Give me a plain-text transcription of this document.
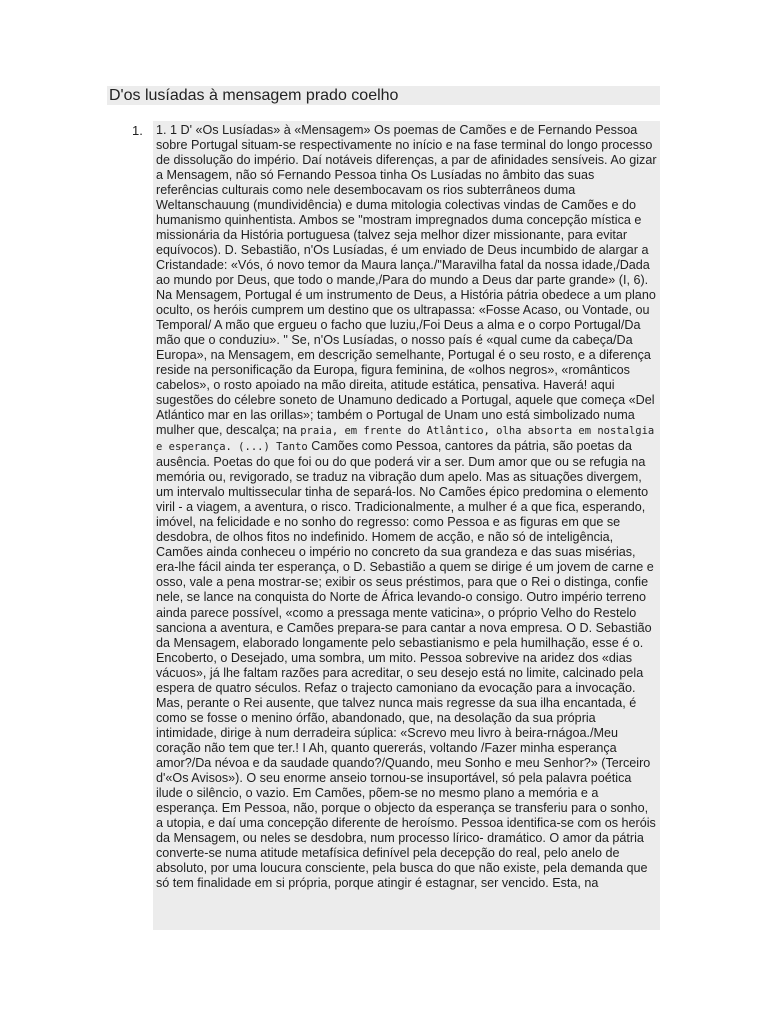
D'os lusíadas à mensagem prado coelho
1. 1. 1 D' «Os Lusíadas» à «Mensagem» Os poemas de Camões e de Fernando Pessoa sobre Portugal situam-se respectivamente no início e na fase terminal do longo processo de dissolução do império. Daí notáveis diferenças, a par de afinidades sensíveis. Ao gizar a Mensagem, não só Fernando Pessoa tinha Os Lusíadas no âmbito das suas referências culturais como nele desembocavam os rios subterrâneos duma Weltanschauung (mundividência) e duma mitologia colectivas vindas de Camões e do humanismo quinhentista. Ambos se "mostram impregnados duma concepção mística e missionária da História portuguesa (talvez seja melhor dizer missionante, para evitar equívocos). D. Sebastião, n'Os Lusíadas, é um enviado de Deus incumbido de alargar a Cristandade: «Vós, ó novo temor da Maura lança./"Maravilha fatal da nossa idade,/Dada ao mundo por Deus, que todo o mande,/Para do mundo a Deus dar parte grande» (I, 6). Na Mensagem, Portugal é um instrumento de Deus, a História pátria obedece a um plano oculto, os heróis cumprem um destino que os ultrapassa: «Fosse Acaso, ou Vontade, ou Temporal/ A mão que ergueu o facho que luziu,/Foi Deus a alma e o corpo Portugal/Da mão que o conduziu». " Se, n'Os Lusíadas, o nosso país é «qual cume da cabeça/Da Europa», na Mensagem, em descrição semelhante, Portugal é o seu rosto, e a diferença reside na personificação da Europa, figura feminina, de «olhos negros», «românticos cabelos», o rosto apoiado na mão direita, atitude estática, pensativa. Haverá! aqui sugestões do célebre soneto de Unamuno dedicado a Portugal, aquele que começa «Del Atlántico mar en las orillas»; também o Portugal de Unam uno está simbolizado numa mulher que, descalça; na praia, em frente do Atlântico, olha absorta em nostalgia e esperança. (...) Tanto Camões como Pessoa, cantores da pátria, são poetas da ausência. Poetas do que foi ou do que poderá vir a ser. Dum amor que ou se refugia na memória ou, revigorado, se traduz na vibração dum apelo. Mas as situações divergem, um intervalo multissecular tinha de separá-los. No Camões épico predomina o elemento viril - a viagem, a aventura, o risco. Tradicionalmente, a mulher é a que fica, esperando, imóvel, na felicidade e no sonho do regresso: como Pessoa e as figuras em que se desdobra, de olhos fitos no indefinido. Homem de acção, e não só de inteligência, Camões ainda conheceu o império no concreto da sua grandeza e das suas misérias, era-lhe fácil ainda ter esperança, o D. Sebastião a quem se dirige é um jovem de carne e osso, vale a pena mostrar-se; exibir os seus préstimos, para que o Rei o distinga, confie nele, se lance na conquista do Norte de África levando-o consigo. Outro império terreno ainda parece possível, «como a pressaga mente vaticina», o próprio Velho do Restelo sanciona a aventura, e Camões prepara-se para cantar a nova empresa. O D. Sebastião da Mensagem, elaborado longamente pelo sebastianismo e pela humilhação, esse é o. Encoberto, o Desejado, uma sombra, um mito. Pessoa sobrevive na aridez dos «dias vácuos», já lhe faltam razões para acreditar, o seu desejo está no limite, calcinado pela espera de quatro séculos. Refaz o trajecto camoniano da evocação para a invocação. Mas, perante o Rei ausente, que talvez nunca mais regresse da sua ilha encantada, é como se fosse o menino órfão, abandonado, que, na desolação da sua própria intimidade, dirige à num derradeira súplica: «Screvo meu livro à beira-rnágoa./Meu coração não tem que ter.! I Ah, quanto quererás, voltando /Fazer minha esperança amor?/Da névoa e da saudade quando?/Quando, meu Sonho e meu Senhor?» (Terceiro d'«Os Avisos»). O seu enorme anseio tornou-se insuportável, só pela palavra poética ilude o silêncio, o vazio. Em Camões, põem-se no mesmo plano a memória e a esperança. Em Pessoa, não, porque o objecto da esperança se transferiu para o sonho, a utopia, e daí uma concepção diferente de heroísmo. Pessoa identifica-se com os heróis da Mensagem, ou neles se desdobra, num processo lírico- dramático. O amor da pátria converte-se numa atitude metafísica definível pela decepção do real, pelo anelo de absoluto, por uma loucura consciente, pela busca do que não existe, pela demanda que só tem finalidade em si própria, porque atingir é estagnar, ser vencido. Esta, na
